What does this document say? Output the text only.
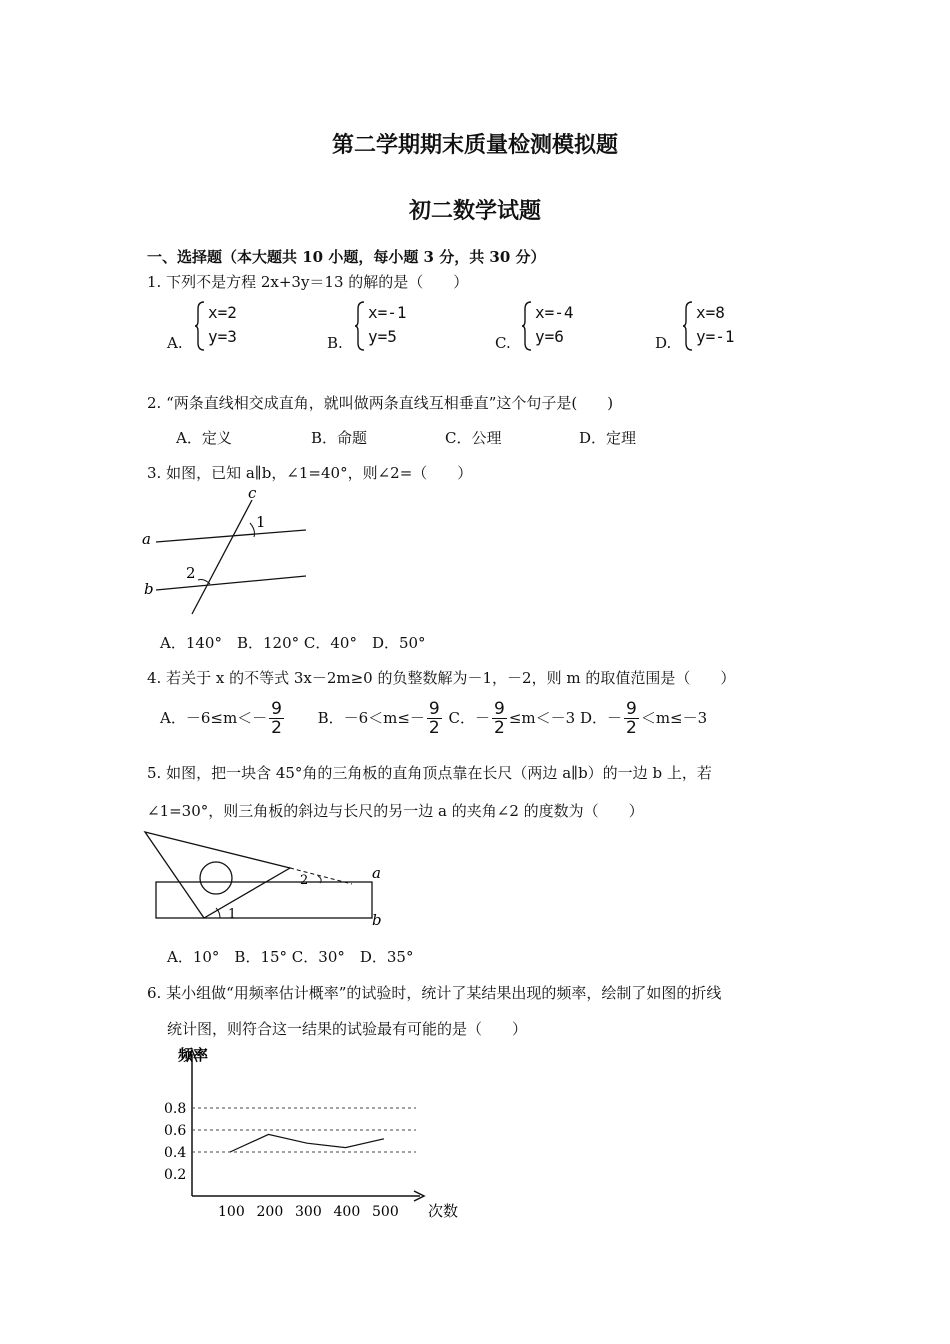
第二学期期末质量检测模拟题
初二数学试题
一、选择题（本大题共 10 小题，每小题 3 分，共 30 分）
1. 下列不是方程 2x+3y＝13 的解的是（　　）
A.
x=2
y=3	B.
x=-1
y=5	C.
x=-4
y=6	D.
x=8
y=-1
2. “两条直线相交成直角，就叫做两条直线互相垂直”这个句子是(　　)
A．定义	B．命题	C．公理	D．定理
3. 如图，已知 a∥b，∠1=40°，则∠2=（　　）
c
a
b
1
2
A．140°　B．120° C．40°　D．50°
4. 若关于 x 的不等式 3x－2m≥0 的负整数解为－1，－2，则 m 的取值范围是（　　）
A．$-6\le m<- \frac{9}{2}$ B．$-6<m\le- \frac{9}{2}$ C．－ $\frac{9}{2} \le m<-3$ D．－ $\frac{9}{2} <m\le-3$
5. 如图，把一块含 45°角的三角板的直角顶点靠在长尺（两边 a∥b）的一边 b 上，若
∠1=30°，则三角板的斜边与长尺的另一边 a 的夹角∠2 的度数为（　　）
a
b
1
2
A．10°　B．15° C．30°　D．35°
6. 某小组做“用频率估计概率”的试验时，统计了某结果出现的频率，绘制了如图的折线
统计图，则符合这一结果的试验最有可能的是（　　）
频率
次数
0.2
0.4
0.6
0.8
100 200 300 400 500
